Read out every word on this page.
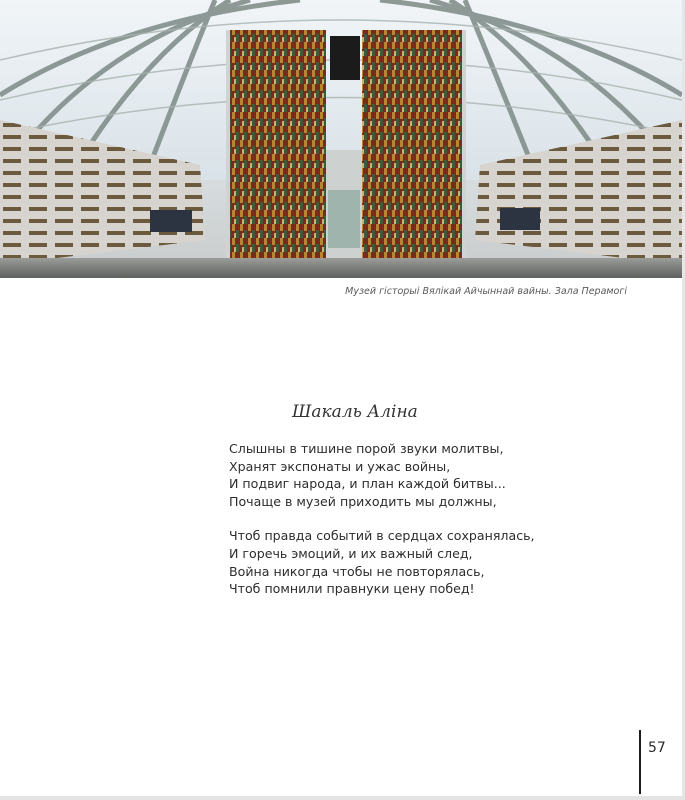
Музей гісторыі Вялікай Айчыннай вайны. Зала Перамогі
Шакаль Аліна
Слышны в тишине порой звуки молитвы,
Хранят экспонаты и ужас войны,
И подвиг народа, и план каждой битвы...
Почаще в музей приходить мы должны,
Чтоб правда событий в сердцах сохранялась,
И горечь эмоций, и их важный след,
Война никогда чтобы не повторялась,
Чтоб помнили правнуки цену побед!
57
